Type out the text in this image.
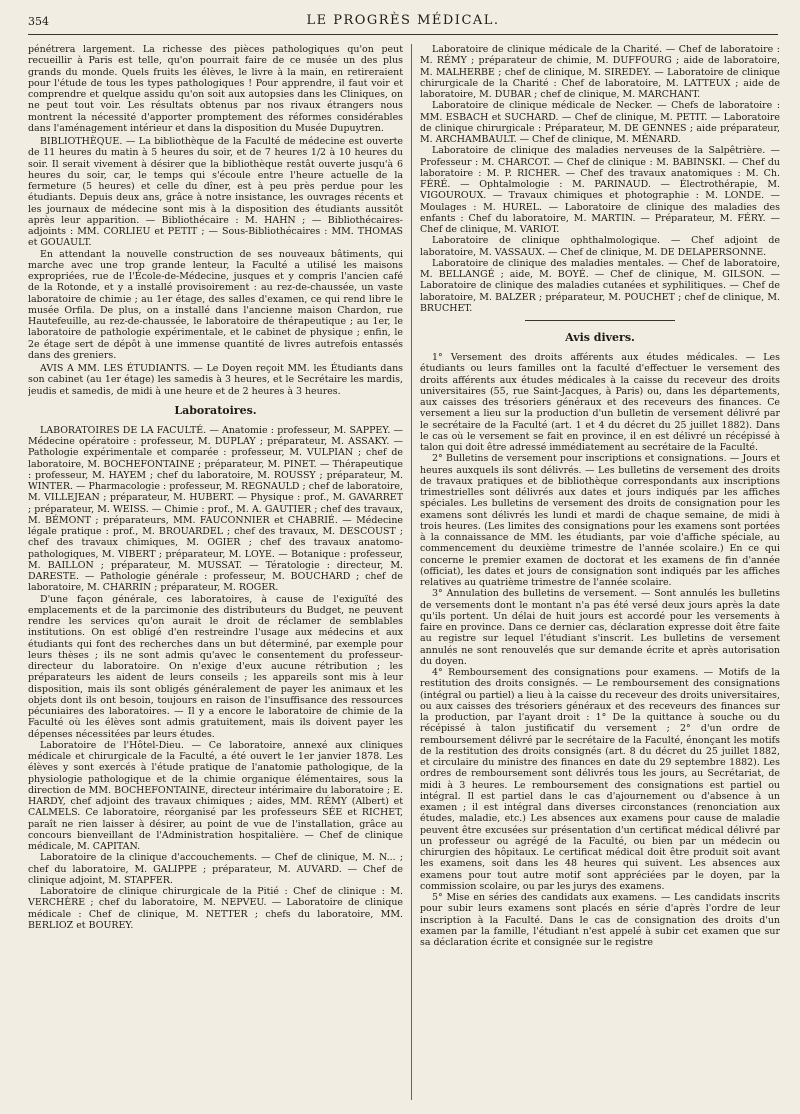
354	LE PROGRÈS MÉDICAL.

pénétrera largement. La richesse des pièces pathologiques qu'on peut recueillir à Paris est telle, qu'on pourrait faire de ce musée un des plus grands du monde. Quels fruits les élèves, le livre à la main, en retireraient pour l'étude de tous les types pathologiques ! Pour apprendre, il faut voir et comprendre et quelque assidu qu'on soit aux autopsies dans les Cliniques, on ne peut tout voir. Les résultats obtenus par nos rivaux étrangers nous montrent la nécessité d'apporter promptement des réformes considérables dans l'aménagement intérieur et dans la disposition du Musée Dupuytren.

BIBLIOTHÈQUE. — La bibliothèque de la Faculté de médecine est ouverte de 11 heures du matin à 5 heures du soir, et de 7 heures 1/2 à 10 heures du soir. Il serait vivement à désirer que la bibliothèque restât ouverte jusqu'à 6 heures du soir, car, le temps qui s'écoule entre l'heure actuelle de la fermeture (5 heures) et celle du dîner, est à peu près perdue pour les étudiants. Depuis deux ans, grâce à notre insistance, les ouvrages récents et les journaux de médecine sont mis à la disposition des étudiants aussitôt après leur apparition. — Bibliothécaire : M. HAHN ; — Bibliothécaires-adjoints : MM. CORLIEU et PETIT ; — Sous-Bibliothécaires : MM. THOMAS et GOUAULT.

En attendant la nouvelle construction de ses nouveaux bâtiments, qui marche avec une trop grande lenteur, la Faculté a utilisé les maisons expropriées, rue de l'École-de-Médecine, jusques et y compris l'ancien café de la Rotonde, et y a installé provisoirement : au rez-de-chaussée, un vaste laboratoire de chimie ; au 1er étage, des salles d'examen, ce qui rend libre le musée Orfila. De plus, on a installé dans l'ancienne maison Chardon, rue Hautefeuille, au rez-de-chaussée, le laboratoire de thérapeutique ; au 1er, le laboratoire de pathologie expérimentale, et le cabinet de physique ; enfin, le 2e étage sert de dépôt à une immense quantité de livres autrefois entassés dans des greniers.

AVIS A MM. LES ÉTUDIANTS. — Le Doyen reçoit MM. les Étudiants dans son cabinet (au 1er étage) les samedis à 3 heures, et le Secrétaire les mardis, jeudis et samedis, de midi à une heure et de 2 heures à 3 heures.

Laboratoires.

LABORATOIRES DE LA FACULTÉ. — Anatomie : professeur, M. SAPPEY. — Médecine opératoire : professeur, M. DUPLAY ; préparateur, M. ASSAKY. — Pathologie expérimentale et comparée : professeur, M. VULPIAN ; chef de laboratoire, M. BOCHEFONTAINE ; préparateur, M. PINET. — Thérapeutique : professeur, M. HAYEM ; chef du laboratoire, M. ROUSSY ; préparateur, M. WINTER. — Pharmacologie : professeur, M. REGNAULD ; chef de laboratoire, M. VILLEJEAN ; préparateur, M. HUBERT. — Physique : prof., M. GAVARRET ; préparateur, M. WEISS. — Chimie : prof., M. A. GAUTIER ; chef des travaux, M. BÉMONT ; préparateurs, MM. FAUCONNIER et CHABRIÉ. — Médecine légale pratique : prof., M. BROUARDEL ; chef des travaux, M. DESCOUST ; chef des travaux chimiques, M. OGIER ; chef des travaux anatomo-pathologiques, M. VIBERT ; préparateur, M. LOYE. — Botanique : professeur, M. BAILLON ; préparateur, M. MUSSAT. — Tératologie : directeur, M. DARESTE. — Pathologie générale : professeur, M. BOUCHARD ; chef de laboratoire, M. CHARRIN ; préparateur, M. ROGER.

D'une façon générale, ces laboratoires, à cause de l'exiguïté des emplacements et de la parcimonie des distributeurs du Budget, ne peuvent rendre les services qu'on aurait le droit de réclamer de semblables institutions. On est obligé d'en restreindre l'usage aux médecins et aux étudiants qui font des recherches dans un but déterminé, par exemple pour leurs thèses ; ils ne sont admis qu'avec le consentement du professeur-directeur du laboratoire. On n'exige d'eux aucune rétribution ; les préparateurs les aident de leurs conseils ; les appareils sont mis à leur disposition, mais ils sont obligés généralement de payer les animaux et les objets dont ils ont besoin, toujours en raison de l'insuffisance des ressources pécuniaires des laboratoires. — Il y a encore le laboratoire de chimie de la Faculté où les élèves sont admis gratuitement, mais ils doivent payer les dépenses nécessitées par leurs études.

Laboratoire de l'Hôtel-Dieu. — Ce laboratoire, annexé aux cliniques médicale et chirurgicale de la Faculté, a été ouvert le 1er janvier 1878. Les élèves y sont exercés à l'étude pratique de l'anatomie pathologique, de la physiologie pathologique et de la chimie organique élémentaires, sous la direction de MM. BOCHEFONTAINE, directeur intérimaire du laboratoire ; E. HARDY, chef adjoint des travaux chimiques ; aides, MM. RÉMY (Albert) et CALMELS. Ce laboratoire, réorganisé par les professeurs SÉE et RICHET, paraît ne rien laisser à désirer, au point de vue de l'installation, grâce au concours bienveillant de l'Administration hospitalière. — Chef de clinique médicale, M. CAPITAN.

Laboratoire de la clinique d'accouchements. — Chef de clinique, M. N... ; chef du laboratoire, M. GALIPPE ; préparateur, M. AUVARD. — Chef de clinique adjoint, M. STAPFER.

Laboratoire de clinique chirurgicale de la Pitié : Chef de clinique : M. VERCHÈRE ; chef du laboratoire, M. NEPVEU. — Laboratoire de clinique médicale : Chef de clinique, M. NETTER ; chefs du laboratoire, MM. BERLIOZ et BOUREY.

Laboratoire de clinique médicale de la Charité. — Chef de laboratoire : M. RÉMY ; préparateur de chimie, M. DUFFOURG ; aide de laboratoire, M. MALHERBE ; chef de clinique, M. SIREDEY. — Laboratoire de clinique chirurgicale de la Charité : Chef de laboratoire, M. LATTEUX ; aide de laboratoire, M. DUBAR ; chef de clinique, M. MARCHANT.

Laboratoire de clinique médicale de Necker. — Chefs de laboratoire : MM. ESBACH et SUCHARD. — Chef de clinique, M. PETIT. — Laboratoire de clinique chirurgicale : Préparateur, M. DE GENNES ; aide préparateur, M. ARCHAMBAULT. — Chef de clinique, M. MÉNARD.

Laboratoire de clinique des maladies nerveuses de la Salpêtrière. — Professeur : M. CHARCOT. — Chef de clinique : M. BABINSKI. — Chef du laboratoire : M. P. RICHER. — Chef des travaux anatomiques : M. Ch. FÉRÉ. — Ophtalmologie : M. PARINAUD. — Électrothérapie, M. VIGOUROUX. — Travaux chimiques et photographie : M. LONDE. — Moulages : M. HUREL. — Laboratoire de clinique des maladies des enfants : Chef du laboratoire, M. MARTIN. — Préparateur, M. FÉRY. — Chef de clinique, M. VARIOT.

Laboratoire de clinique ophthalmologique. — Chef adjoint de laboratoire, M. VASSAUX. — Chef de clinique, M. DE DELAPERSONNE.

Laboratoire de clinique des maladies mentales. — Chef de laboratoire, M. BELLANGÉ ; aide, M. BOYÉ. — Chef de clinique, M. GILSON. — Laboratoire de clinique des maladies cutanées et syphilitiques. — Chef de laboratoire, M. BALZER ; préparateur, M. POUCHET ; chef de clinique, M. BRUCHET.

Avis divers.

1° Versement des droits afférents aux études médicales. — Les étudiants ou leurs familles ont la faculté d'effectuer le versement des droits afférents aux études médicales à la caisse du receveur des droits universitaires (55, rue Saint-Jacques, à Paris) ou, dans les départements, aux caisses des trésoriers généraux et des receveurs des finances. Ce versement a lieu sur la production d'un bulletin de versement délivré par le secrétaire de la Faculté (art. 1 et 4 du décret du 25 juillet 1882). Dans le cas où le versement se fait en province, il en est délivré un récépissé à talon qui doit être adressé immédiatement au secrétaire de la Faculté.

2° Bulletins de versement pour inscriptions et consignations. — Jours et heures auxquels ils sont délivrés. — Les bulletins de versement des droits de travaux pratiques et de bibliothèque correspondants aux inscriptions trimestrielles sont délivrés aux dates et jours indiqués par les affiches spéciales. Les bulletins de versement des droits de consignation pour les examens sont délivrés les lundi et mardi de chaque semaine, de midi à trois heures. (Les limites des consignations pour les examens sont portées à la connaissance de MM. les étudiants, par voie d'affiche spéciale, au commencement du deuxième trimestre de l'année scolaire.) En ce qui concerne le premier examen de doctorat et les examens de fin d'année (officiat), les dates et jours de consignation sont indiqués par les affiches relatives au quatrième trimestre de l'année scolaire.

3° Annulation des bulletins de versement. — Sont annulés les bulletins de versements dont le montant n'a pas été versé deux jours après la date qu'ils portent. Un délai de huit jours est accordé pour les versements à faire en province. Dans ce dernier cas, déclaration expresse doit être faite au registre sur lequel l'étudiant s'inscrit. Les bulletins de versement annulés ne sont renouvelés que sur demande écrite et après autorisation du doyen.

4° Remboursement des consignations pour examens. — Motifs de la restitution des droits consignés. — Le remboursement des consignations (intégral ou partiel) a lieu à la caisse du receveur des droits universitaires, ou aux caisses des trésoriers généraux et des receveurs des finances sur la production, par l'ayant droit : 1° De la quittance à souche ou du récépissé à talon justificatif du versement ; 2° d'un ordre de remboursement délivré par le secrétaire de la Faculté, énonçant les motifs de la restitution des droits consignés (art. 8 du décret du 25 juillet 1882, et circulaire du ministre des finances en date du 29 septembre 1882). Les ordres de remboursement sont délivrés tous les jours, au Secrétariat, de midi à 3 heures. Le remboursement des consignations est partiel ou intégral. Il est partiel dans le cas d'ajournement ou d'absence à un examen ; il est intégral dans diverses circonstances (renonciation aux études, maladie, etc.) Les absences aux examens pour cause de maladie peuvent être excusées sur présentation d'un certificat médical délivré par un professeur ou agrégé de la Faculté, ou bien par un médecin ou chirurgien des hôpitaux. Le certificat médical doit être produit soit avant les examens, soit dans les 48 heures qui suivent. Les absences aux examens pour tout autre motif sont appréciées par le doyen, par la commission scolaire, ou par les jurys des examens.

5° Mise en séries des candidats aux examens. — Les candidats inscrits pour subir leurs examens sont placés en série d'après l'ordre de leur inscription à la Faculté. Dans le cas de consignation des droits d'un examen par la famille, l'étudiant n'est appelé à subir cet examen que sur sa déclaration écrite et consignée sur le registre
